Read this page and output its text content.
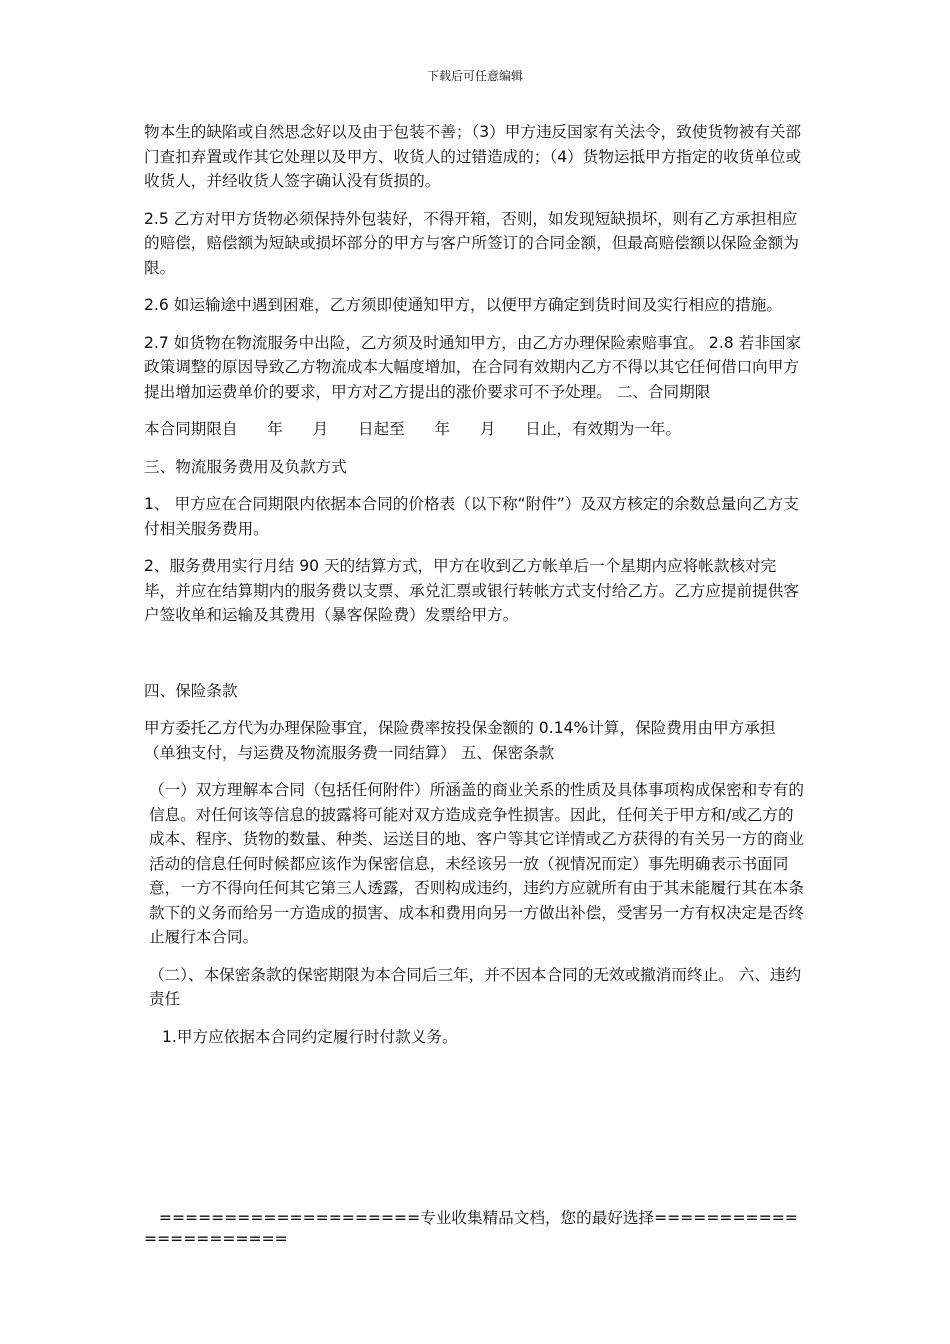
下载后可任意编辑

物本生的缺陷或自然思念好以及由于包装不善；（3）甲方违反国家有关法令，致使货物被有关部门查扣弃置或作其它处理以及甲方、收货人的过错造成的；（4）货物运抵甲方指定的收货单位或收货人，并经收货人签字确认没有货损的。

2.5 乙方对甲方货物必须保持外包装好，不得开箱，否则，如发现短缺损坏，则有乙方承担相应的赔偿，赔偿额为短缺或损坏部分的甲方与客户所签订的合同金额，但最高赔偿额以保险金额为限。

2.6 如运输途中遇到困难，乙方须即使通知甲方，以便甲方确定到货时间及实行相应的措施。

2.7 如货物在物流服务中出险，乙方须及时通知甲方，由乙方办理保险索赔事宜。 2.8 若非国家政策调整的原因导致乙方物流成本大幅度增加，在合同有效期内乙方不得以其它任何借口向甲方提出增加运费单价的要求，甲方对乙方提出的涨价要求可不予处理。 二、合同期限

本合同期限自      年      月      日起至      年      月      日止，有效期为一年。

三、物流服务费用及负款方式

1、 甲方应在合同期限内依据本合同的价格表（以下称“附件”）及双方核定的余数总量向乙方支付相关服务费用。

2、服务费用实行月结 90 天的结算方式，甲方在收到乙方帐单后一个星期内应将帐款核对完毕，并应在结算期内的服务费以支票、承兑汇票或银行转帐方式支付给乙方。乙方应提前提供客户签收单和运输及其费用（暴客保险费）发票给甲方。

四、保险条款

甲方委托乙方代为办理保险事宜，保险费率按投保金额的 0.14%计算，保险费用由甲方承担（单独支付，与运费及物流服务费一同结算） 五、保密条款

（一）双方理解本合同（包括任何附件）所涵盖的商业关系的性质及具体事项构成保密和专有的信息。对任何该等信息的披露将可能对双方造成竞争性损害。因此，任何关于甲方和/或乙方的成本、程序、货物的数量、种类、运送目的地、客户等其它详情或乙方获得的有关另一方的商业活动的信息任何时候都应该作为保密信息，未经该另一放（视情况而定）事先明确表示书面同意，一方不得向任何其它第三人透露，否则构成违约，违约方应就所有由于其未能履行其在本条款下的义务而给另一方造成的损害、成本和费用向另一方做出补偿，受害另一方有权决定是否终止履行本合同。

（二）、本保密条款的保密期限为本合同后三年，并不因本合同的无效或撤消而终止。 六、违约责任

1.甲方应依据本合同约定履行时付款义务。

====================专业收集精品文档，您的最好选择======================
